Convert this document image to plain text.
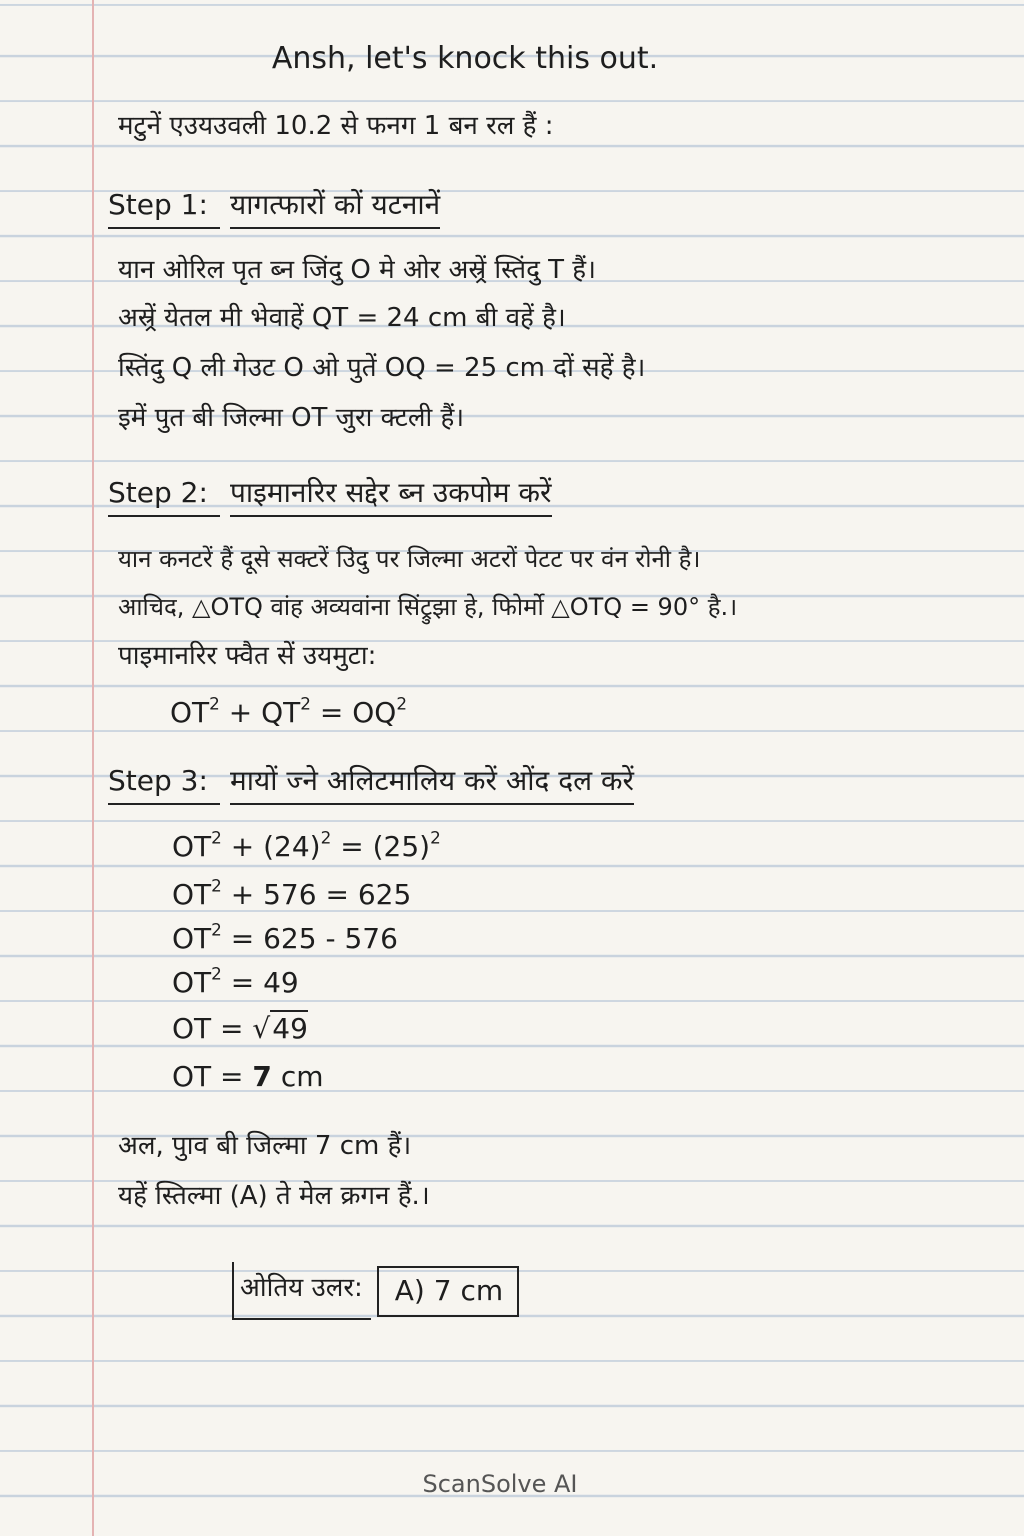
Ansh, let's knock this out.
मटुनें एउयउवली 10.2 से फनग 1 बन रल हैं :
Step 1: यागत्फारों कों यटनानें
यान ओरिल पृत ब्न जिंदु O मे ओर अस्र्रें स्तिंदु T हैं।
अस्र्रें येतल मी भेवाहें QT = 24 cm बी वहें है।
स्तिंदु Q ली गेउट O ओ पुतें OQ = 25 cm दों सहें है।
इमें पुत बी जिल्मा OT जुरा क्टली हैं।
Step 2: पाइमानरिर सद्देर ब्न उकपोम करें
यान कनटरें हैं दूसे सक्टरें उिंदु पर जिल्मा अटरों पेटट पर वंन रोनी है।
आचिद, △OTQ वांह अव्यवांना सिंट्रुझा हे, फिोर्मो △OTQ = 90° है.।
पाइमानरिर फ्वैत सें उयमुटा:
$OT^2 + QT^2 = OQ^2$
Step 3: मायों ज्ने अलिटमालिय करें ओंद दल करें
$OT^2 + (24)^2 = (25)^2$
$OT^2 + 576 = 625$
$OT^2 = 625 - 576$
$OT^2 = 49$
OT = √49
OT = 7 cm
अल, पुाव बी जिल्मा 7 cm हैं।
यहें स्तिल्मा (A) ते मेल क्रगन हैं.।
ओतिय उलर:	A) 7 cm
ScanSolve AI
